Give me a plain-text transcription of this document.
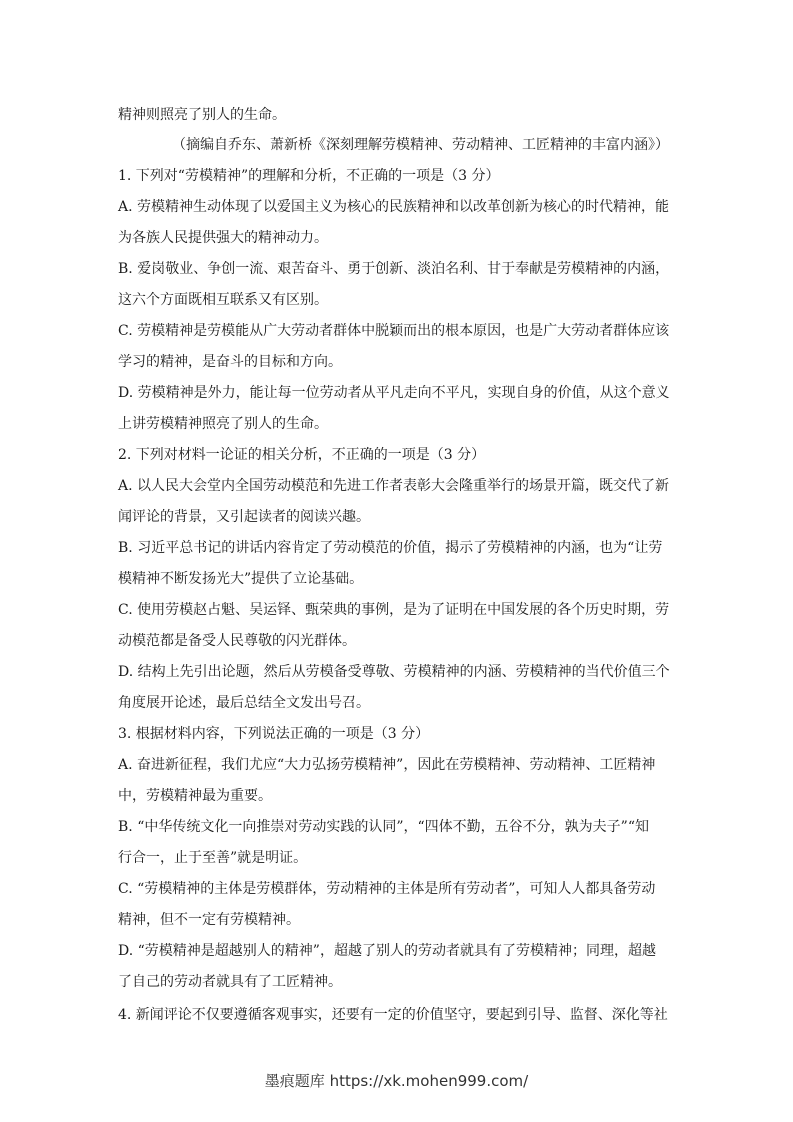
精神则照亮了别人的生命。
（摘编自乔东、萧新桥《深刻理解劳模精神、劳动精神、工匠精神的丰富内涵》）
1. 下列对“劳模精神”的理解和分析，不正确的一项是（3 分）
A. 劳模精神生动体现了以爱国主义为核心的民族精神和以改革创新为核心的时代精神，能
为各族人民提供强大的精神动力。
B. 爱岗敬业、争创一流、艰苦奋斗、勇于创新、淡泊名利、甘于奉献是劳模精神的内涵，
这六个方面既相互联系又有区别。
C. 劳模精神是劳模能从广大劳动者群体中脱颖而出的根本原因，也是广大劳动者群体应该
学习的精神，是奋斗的目标和方向。
D. 劳模精神是外力，能让每一位劳动者从平凡走向不平凡，实现自身的价值，从这个意义
上讲劳模精神照亮了别人的生命。
2. 下列对材料一论证的相关分析，不正确的一项是（3 分）
A. 以人民大会堂内全国劳动模范和先进工作者表彰大会隆重举行的场景开篇，既交代了新
闻评论的背景，又引起读者的阅读兴趣。
B. 习近平总书记的讲话内容肯定了劳动模范的价值，揭示了劳模精神的内涵，也为“让劳
模精神不断发扬光大”提供了立论基础。
C. 使用劳模赵占魁、吴运铎、甄荣典的事例，是为了证明在中国发展的各个历史时期，劳
动模范都是备受人民尊敬的闪光群体。
D. 结构上先引出论题，然后从劳模备受尊敬、劳模精神的内涵、劳模精神的当代价值三个
角度展开论述，最后总结全文发出号召。
3. 根据材料内容，下列说法正确的一项是（3 分）
A. 奋进新征程，我们尤应“大力弘扬劳模精神”，因此在劳模精神、劳动精神、工匠精神
中，劳模精神最为重要。
B. “中华传统文化一向推崇对劳动实践的认同”，“四体不勤，五谷不分，孰为夫子”“知
行合一，止于至善”就是明证。
C. “劳模精神的主体是劳模群体，劳动精神的主体是所有劳动者”，可知人人都具备劳动
精神，但不一定有劳模精神。
D. “劳模精神是超越别人的精神”，超越了别人的劳动者就具有了劳模精神；同理，超越
了自己的劳动者就具有了工匠精神。
4. 新闻评论不仅要遵循客观事实，还要有一定的价值坚守，要起到引导、监督、深化等社
墨痕题库 https://xk.mohen999.com/
